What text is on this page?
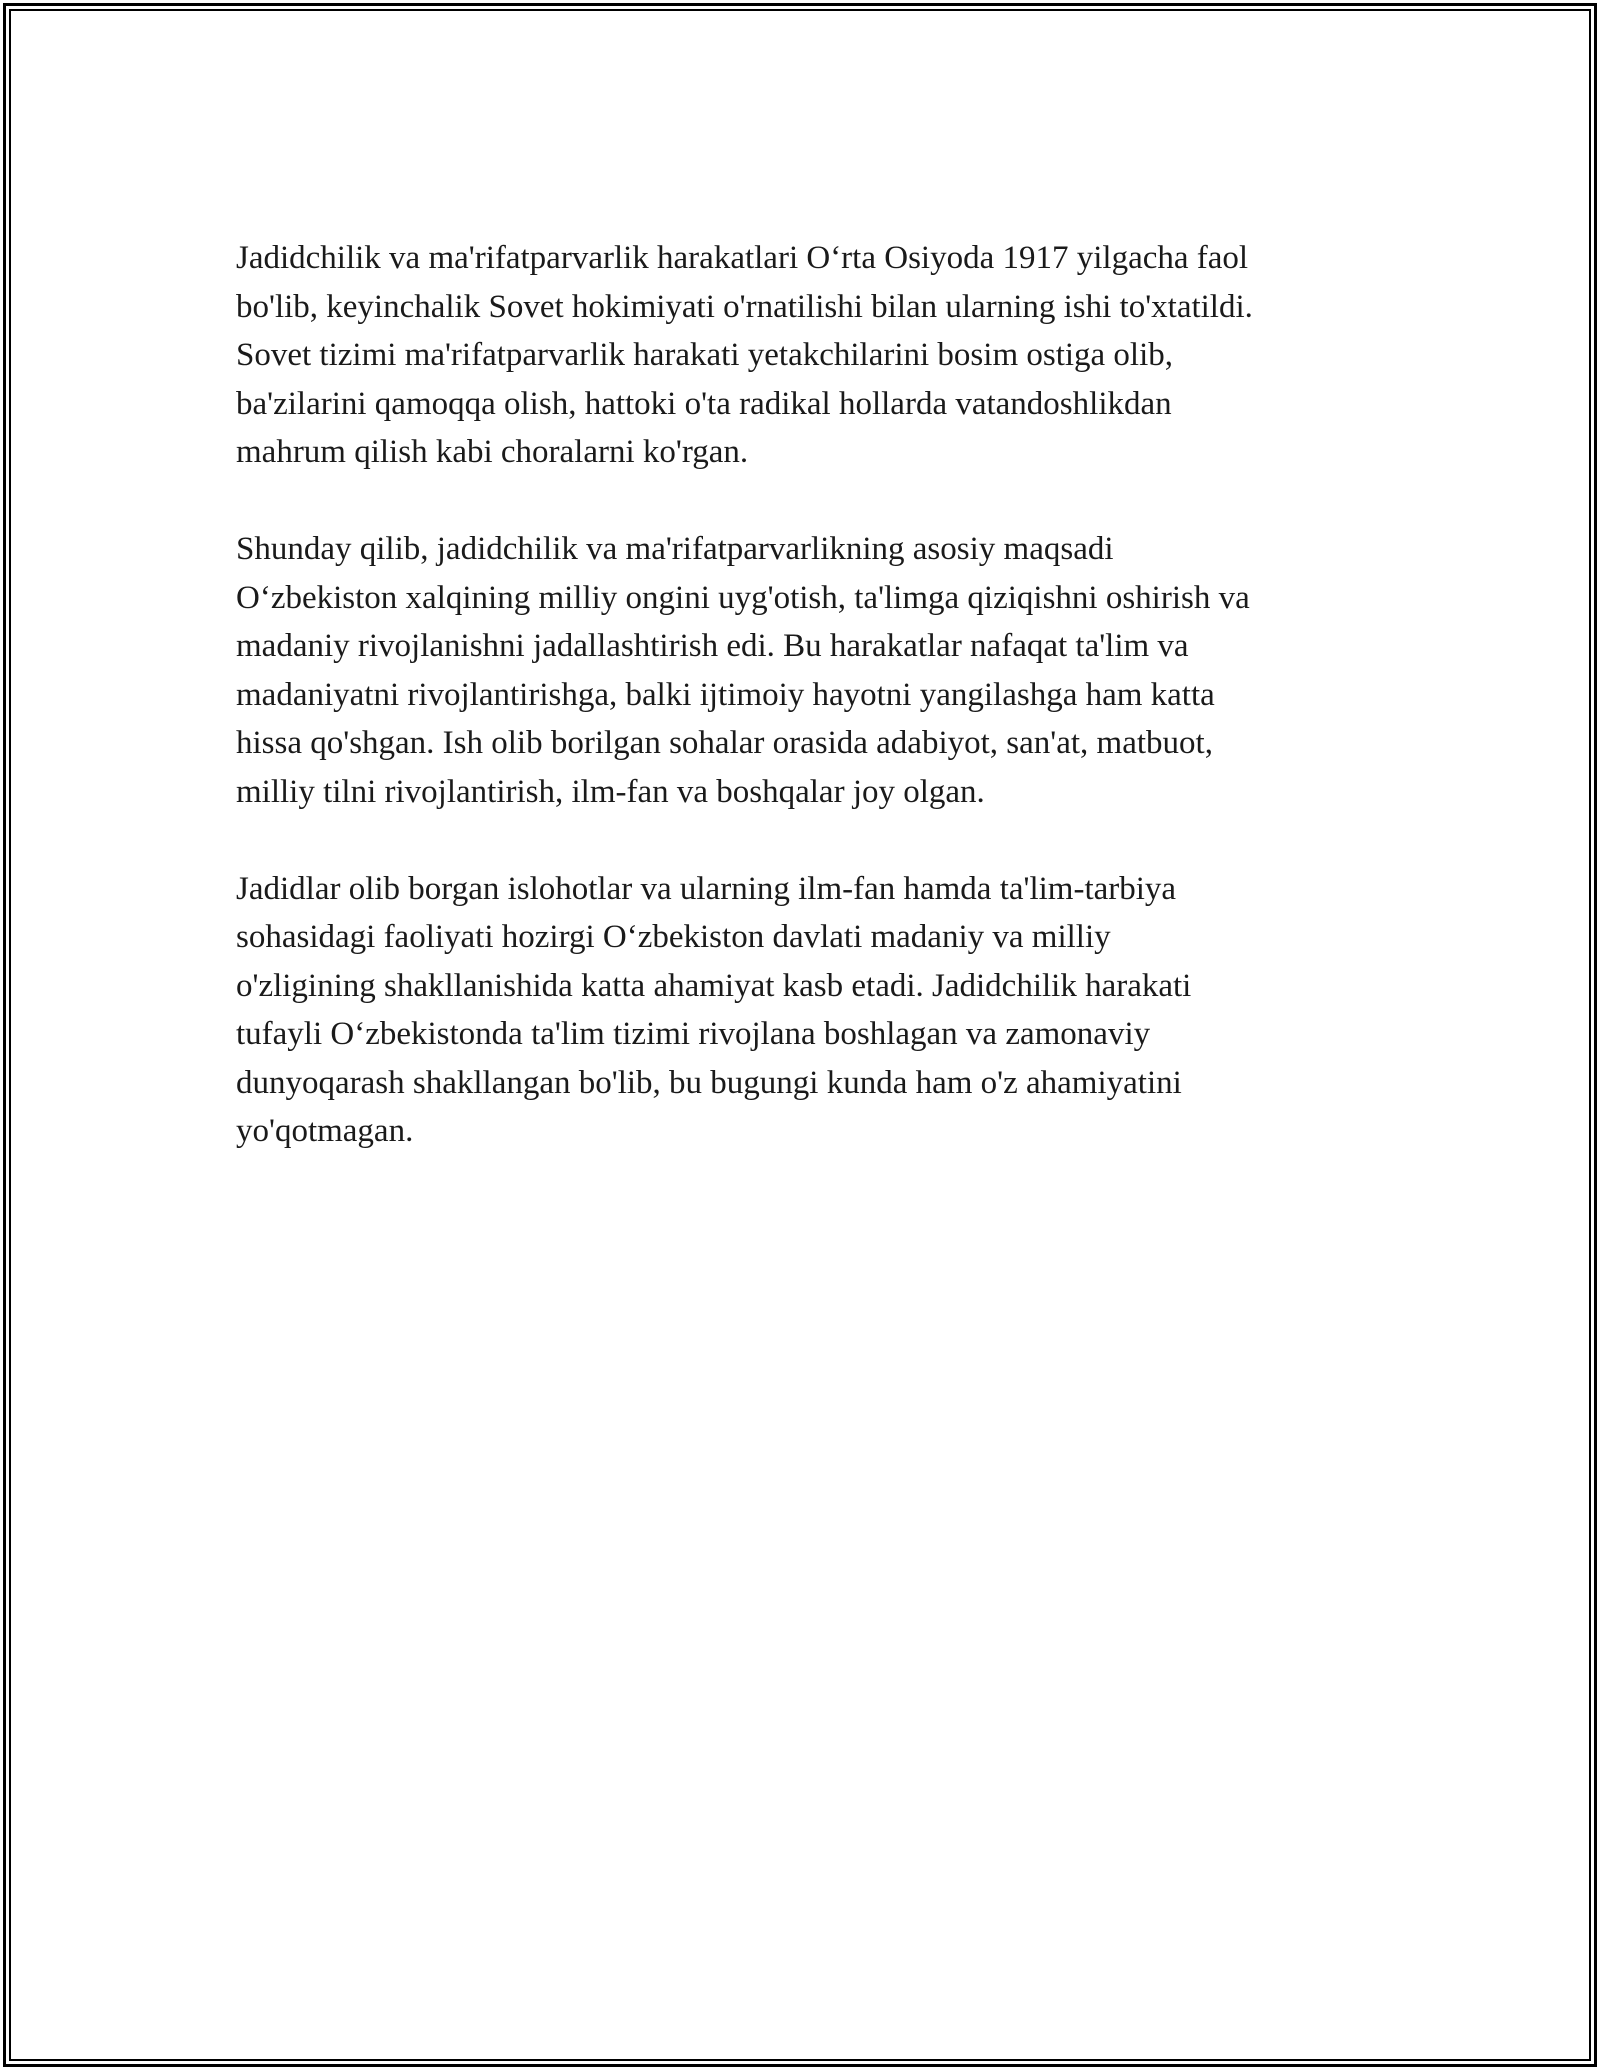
Jadidchilik va ma'rifatparvarlik harakatlari O‘rta Osiyoda 1917 yilgacha faol
bo'lib, keyinchalik Sovet hokimiyati o'rnatilishi bilan ularning ishi to'xtatildi.
Sovet tizimi ma'rifatparvarlik harakati yetakchilarini bosim ostiga olib,
ba'zilarini qamoqqa olish, hattoki o'ta radikal hollarda vatandoshlikdan
mahrum qilish kabi choralarni ko'rgan.

Shunday qilib, jadidchilik va ma'rifatparvarlikning asosiy maqsadi
O‘zbekiston xalqining milliy ongini uyg'otish, ta'limga qiziqishni oshirish va
madaniy rivojlanishni jadallashtirish edi. Bu harakatlar nafaqat ta'lim va
madaniyatni rivojlantirishga, balki ijtimoiy hayotni yangilashga ham katta
hissa qo'shgan. Ish olib borilgan sohalar orasida adabiyot, san'at, matbuot,
milliy tilni rivojlantirish, ilm-fan va boshqalar joy olgan.

Jadidlar olib borgan islohotlar va ularning ilm-fan hamda ta'lim-tarbiya
sohasidagi faoliyati hozirgi O‘zbekiston davlati madaniy va milliy
o'zligining shakllanishida katta ahamiyat kasb etadi. Jadidchilik harakati
tufayli O‘zbekistonda ta'lim tizimi rivojlana boshlagan va zamonaviy
dunyoqarash shakllangan bo'lib, bu bugungi kunda ham o'z ahamiyatini
yo'qotmagan.
